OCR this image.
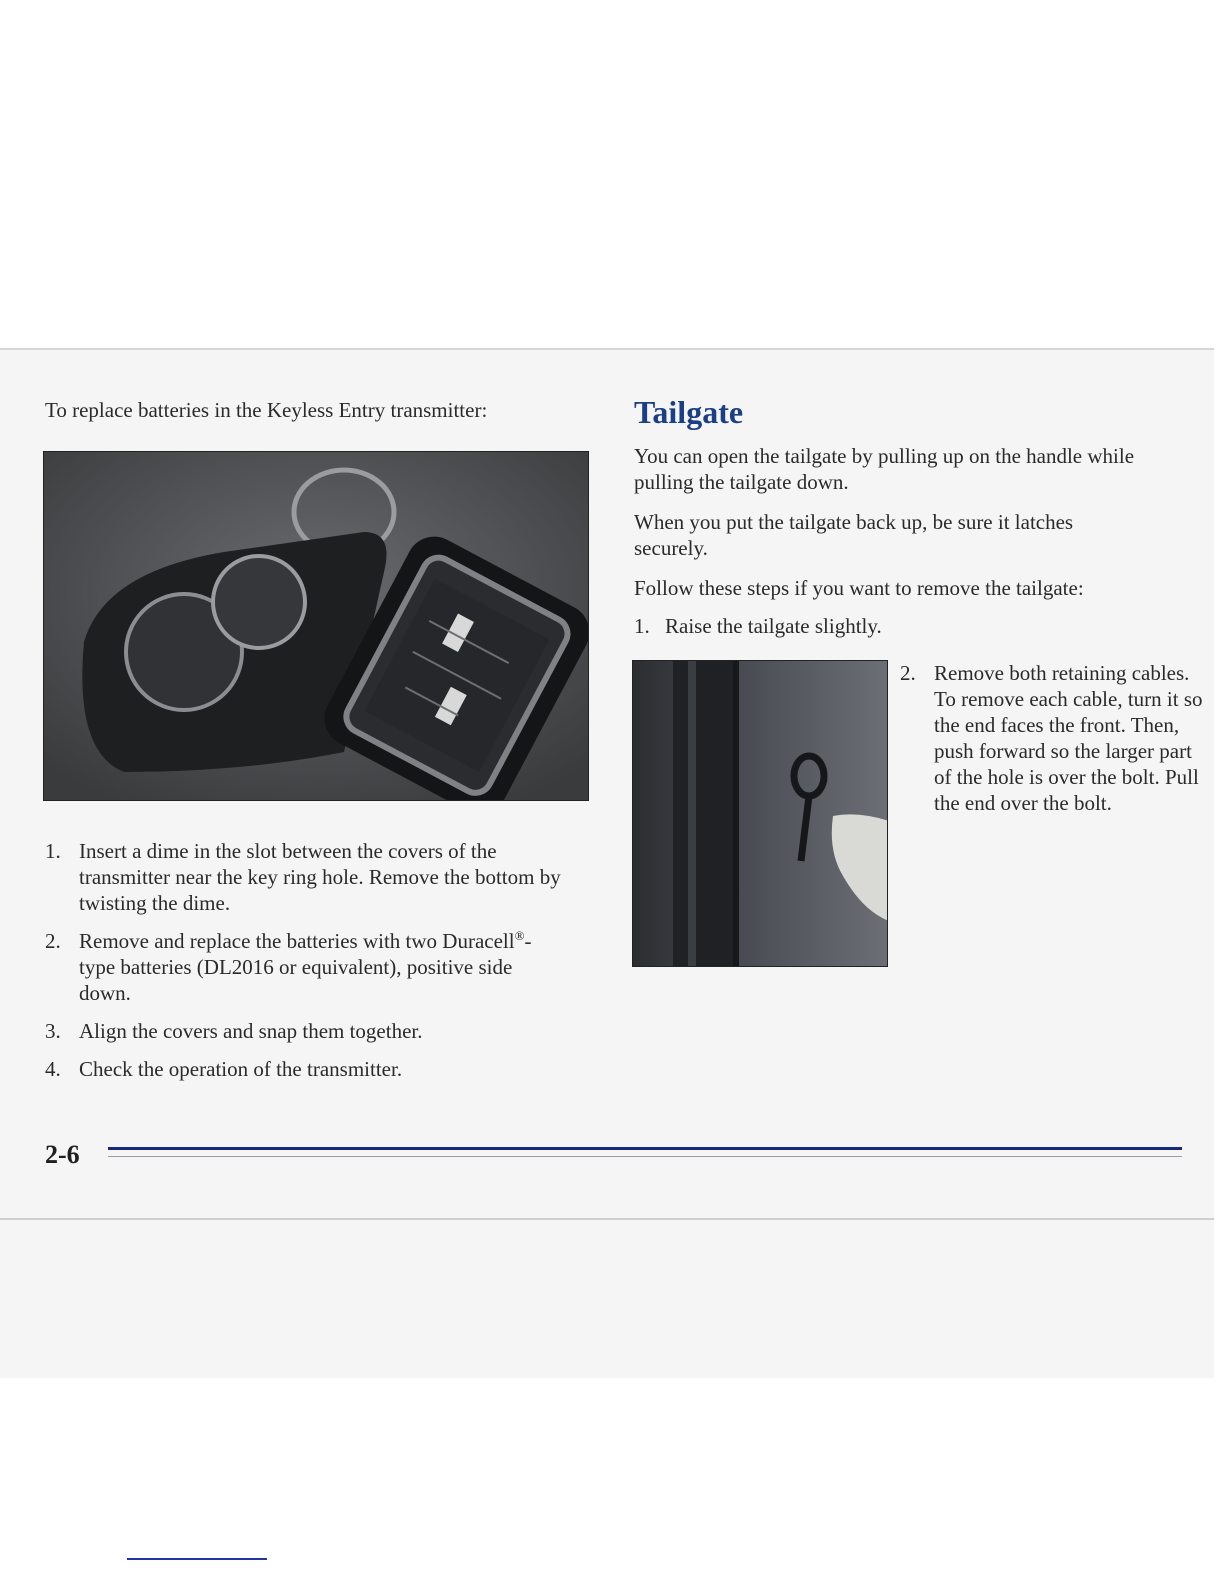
To replace batteries in the Keyless Entry transmitter:

1. Insert a dime in the slot between the covers of the transmitter near the key ring hole. Remove the bottom by twisting the dime.
2. Remove and replace the batteries with two Duracell®-type batteries (DL2016 or equivalent), positive side down.
3. Align the covers and snap them together.
4. Check the operation of the transmitter.
Tailgate

You can open the tailgate by pulling up on the handle while pulling the tailgate down.

When you put the tailgate back up, be sure it latches securely.

Follow these steps if you want to remove the tailgate:

1. Raise the tailgate slightly.

2. Remove both retaining cables. To remove each cable, turn it so the end faces the front. Then, push forward so the larger part of the hole is over the bolt. Pull the end over the bolt.

2-6
